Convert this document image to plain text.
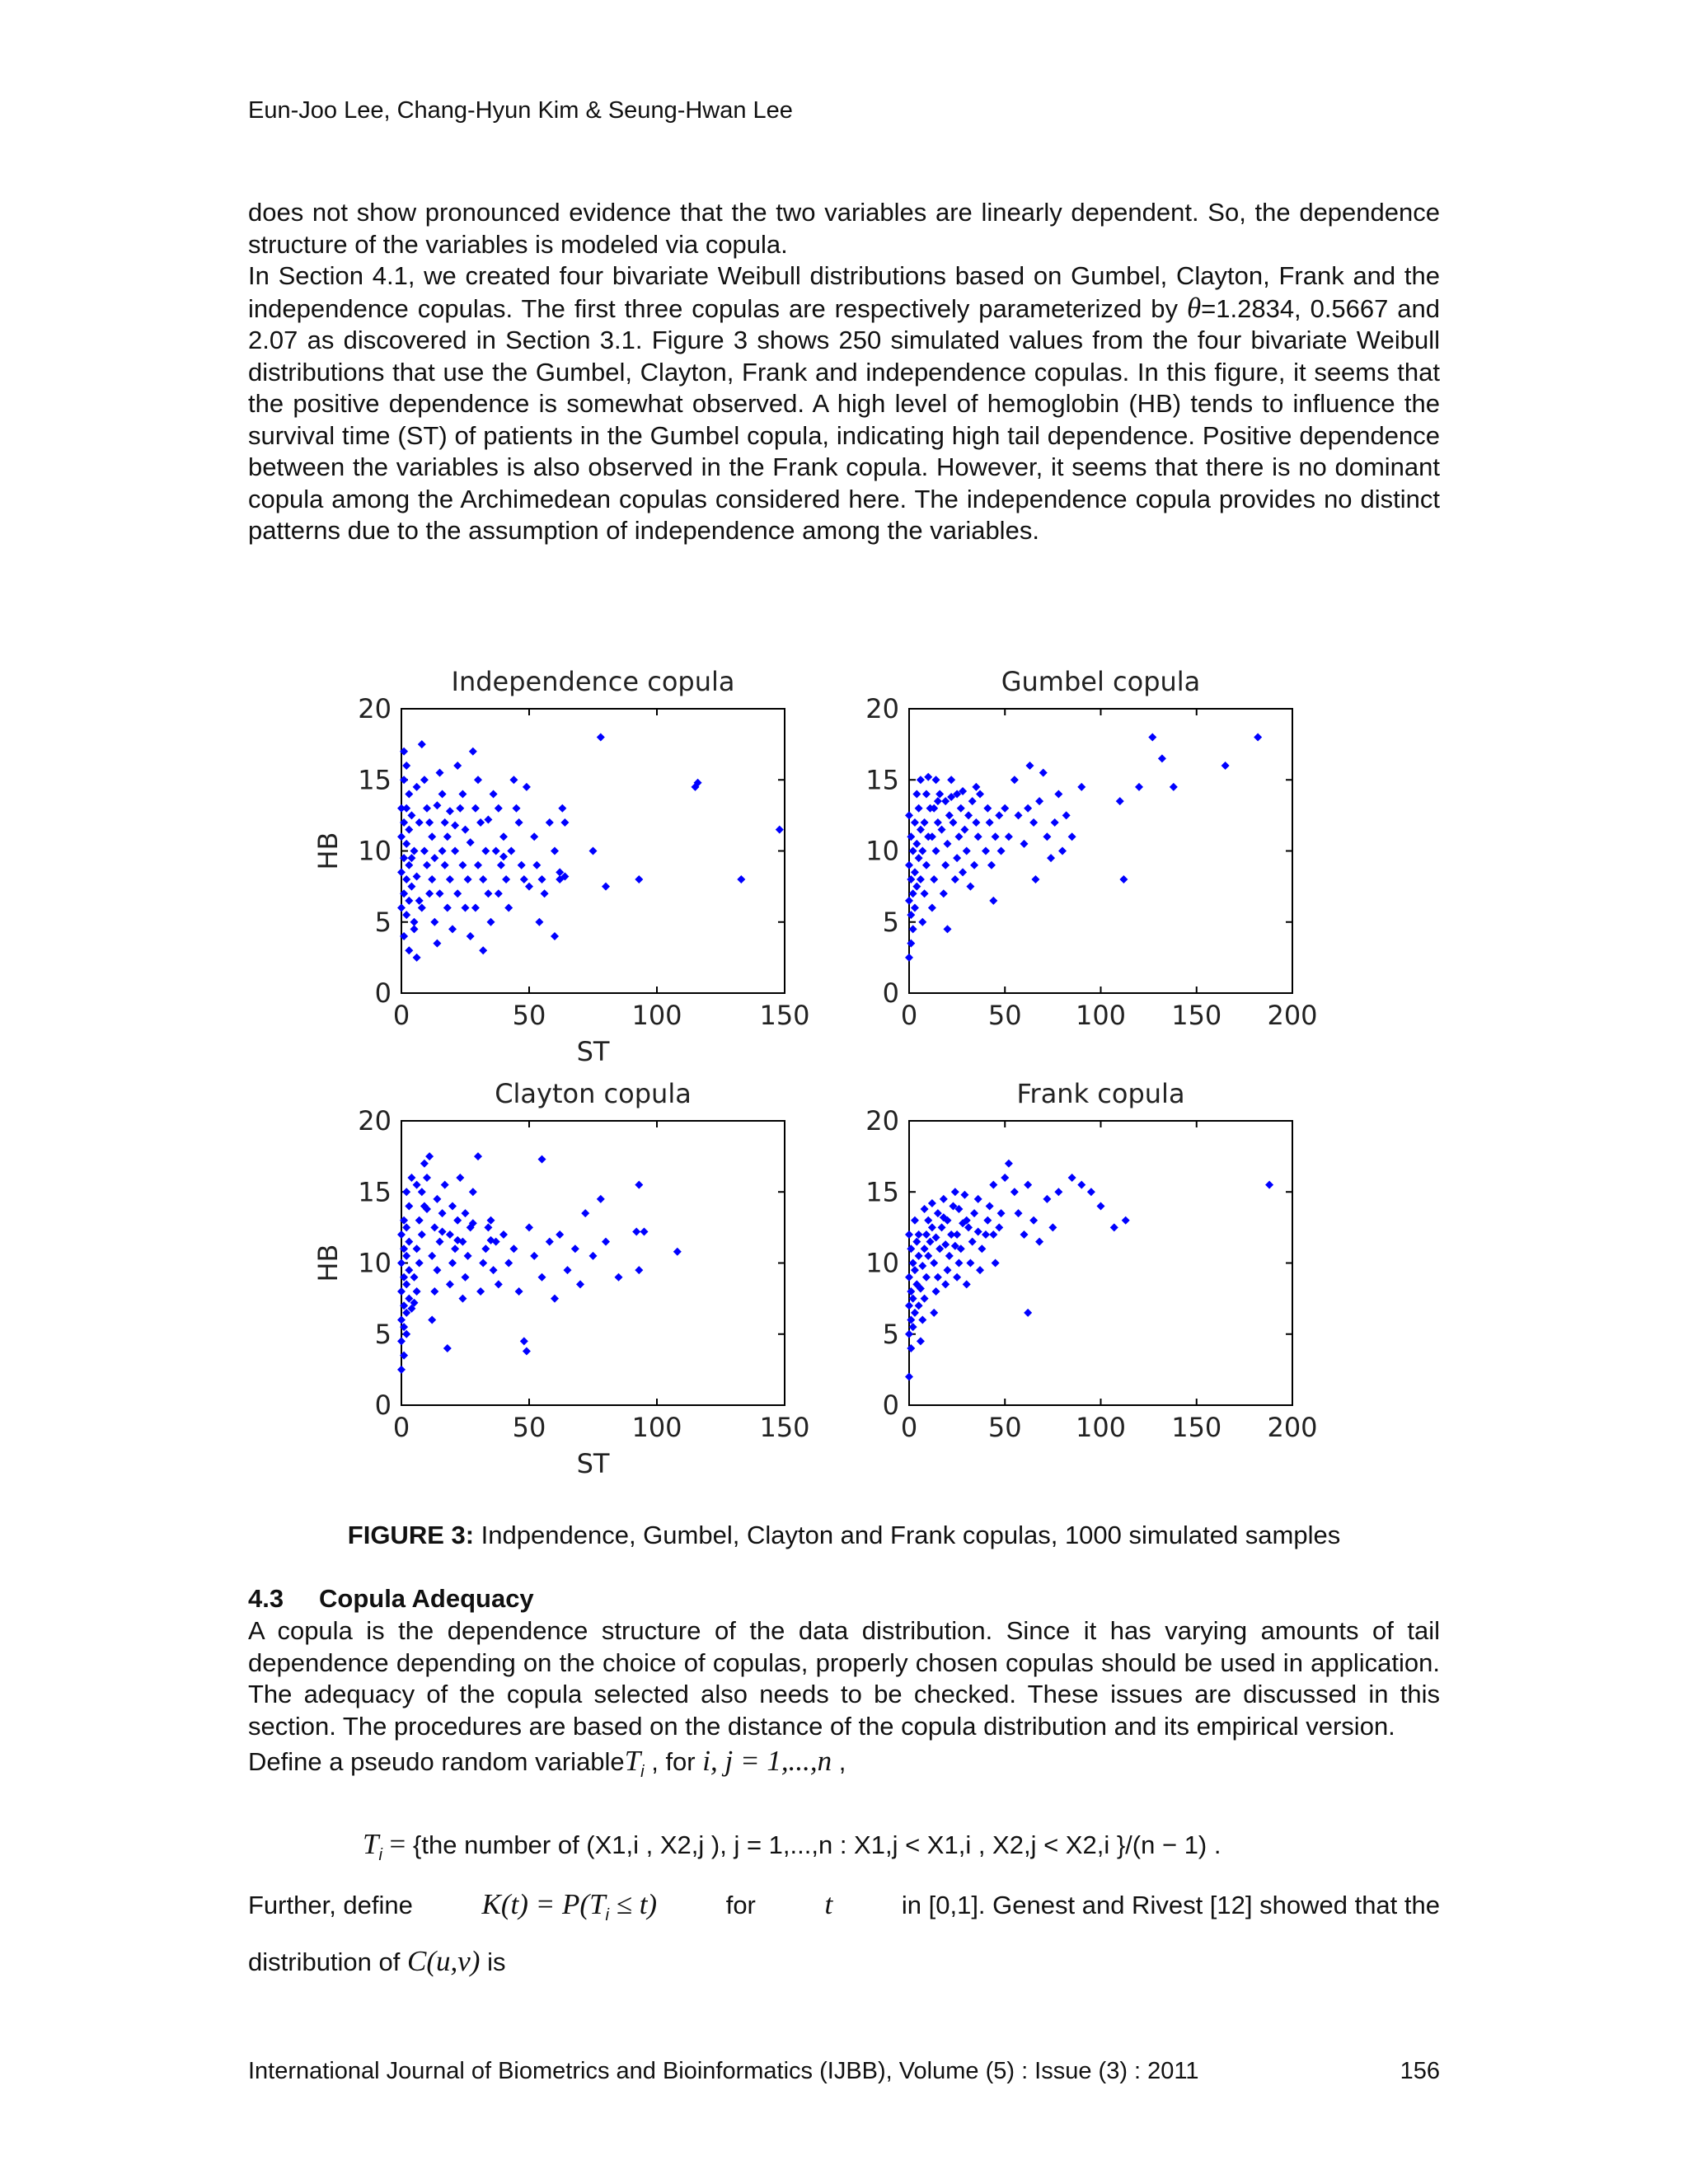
Eun-Joo Lee, Chang-Hyun Kim & Seung-Hwan Lee

does not show pronounced evidence that the two variables are linearly dependent. So, the dependence structure of the variables is modeled via copula.

In Section 4.1, we created four bivariate Weibull distributions based on Gumbel, Clayton, Frank and the independence copulas. The first three copulas are respectively parameterized by θ=1.2834, 0.5667 and 2.07 as discovered in Section 3.1. Figure 3 shows 250 simulated values from the four bivariate Weibull distributions that use the Gumbel, Clayton, Frank and independence copulas. In this figure, it seems that the positive dependence is somewhat observed. A high level of hemoglobin (HB) tends to influence the survival time (ST) of patients in the Gumbel copula, indicating high tail dependence. Positive dependence between the variables is also observed in the Frank copula. However, it seems that there is no dominant copula among the Archimedean copulas considered here. The independence copula provides no distinct patterns due to the assumption of independence among the variables.

Independence copula
0	50	100	150
0
5
10
15
20
ST
HB
Gumbel copula
0	50 100 150 200
0
5
10
15
20
Clayton copula
0	50	100	150
0
5
10
15
20
ST
HB
Frank copula
0	50 100 150 200
0
5
10
15
20
FIGURE 3: Indpendence, Gumbel, Clayton and Frank copulas, 1000 simulated samples
4.3 Copula Adequacy

A copula is the dependence structure of the data distribution. Since it has varying amounts of tail dependence depending on the choice of copulas, properly chosen copulas should be used in application. The adequacy of the copula selected also needs to be checked. These issues are discussed in this section. The procedures are based on the distance of the copula distribution and its empirical version.

Define a pseudo random variableT$_i$ , for i, j = 1,...,n ,

$T_i = \{the$ number of (X1,i , X2,j ), j = 1,...,n : X1,j < X1,i , X2,j < X2,i }/(n − 1) .

Further, define $K(t) = P(T_i \le t)$	for t	in [0,1]. Genest and Rivest [12] showed that the

distribution of C(u,v) is

International Journal of Biometrics and Bioinformatics (IJBB), Volume (5) : Issue (3) : 2011	156
